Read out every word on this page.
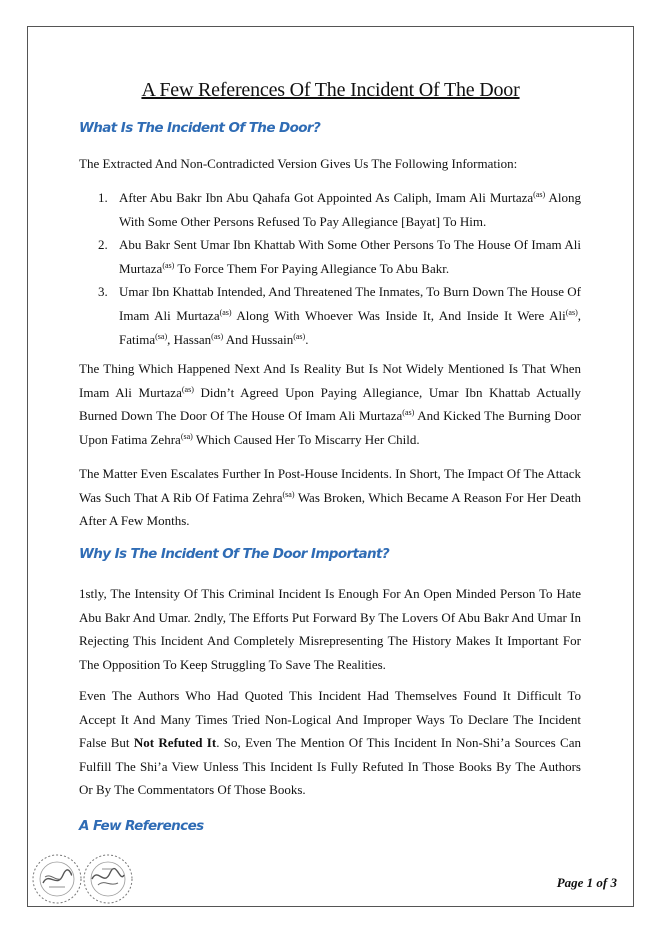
A Few References Of The Incident Of The Door
What Is The Incident Of The Door?

The Extracted And Non-Contradicted Version Gives Us The Following Information:

1. After Abu Bakr Ibn Abu Qahafa Got Appointed As Caliph, Imam Ali Murtaza$^{(as)}$ Along With Some Other Persons Refused To Pay Allegiance [Bayat] To Him.
2. Abu Bakr Sent Umar Ibn Khattab With Some Other Persons To The House Of Imam Ali Murtaza$^{(as)}$ To Force Them For Paying Allegiance To Abu Bakr.
3. Umar Ibn Khattab Intended, And Threatened The Inmates, To Burn Down The House Of Imam Ali Murtaza$^{(as)}$ Along With Whoever Was Inside It, And Inside It Were Ali$^{(as)}$, Fatima$^{(sa)}$, Hassan$^{(as)}$ And Hussain$^{(as)}$.

The Thing Which Happened Next And Is Reality But Is Not Widely Mentioned Is That When Imam Ali Murtaza$^{(as)}$ Didn’t Agreed Upon Paying Allegiance, Umar Ibn Khattab Actually Burned Down The Door Of The House Of Imam Ali Murtaza$^{(as)}$ And Kicked The Burning Door Upon Fatima Zehra$^{(sa)}$ Which Caused Her To Miscarry Her Child.

The Matter Even Escalates Further In Post-House Incidents. In Short, The Impact Of The Attack Was Such That A Rib Of Fatima Zehra$^{(sa)}$ Was Broken, Which Became A Reason For Her Death After A Few Months.

Why Is The Incident Of The Door Important?

1stly, The Intensity Of This Criminal Incident Is Enough For An Open Minded Person To Hate Abu Bakr And Umar. 2ndly, The Efforts Put Forward By The Lovers Of Abu Bakr And Umar In Rejecting This Incident And Completely Misrepresenting The History Makes It Important For The Opposition To Keep Struggling To Save The Realities.

Even The Authors Who Had Quoted This Incident Had Themselves Found It Difficult To Accept It And Many Times Tried Non-Logical And Improper Ways To Declare The Incident False But Not Refuted It. So, Even The Mention Of This Incident In Non-Shi’a Sources Can Fulfill The Shi’a View Unless This Incident Is Fully Refuted In Those Books By The Authors Or By The Commentators Of Those Books.

A Few References
Page 1 of 3
